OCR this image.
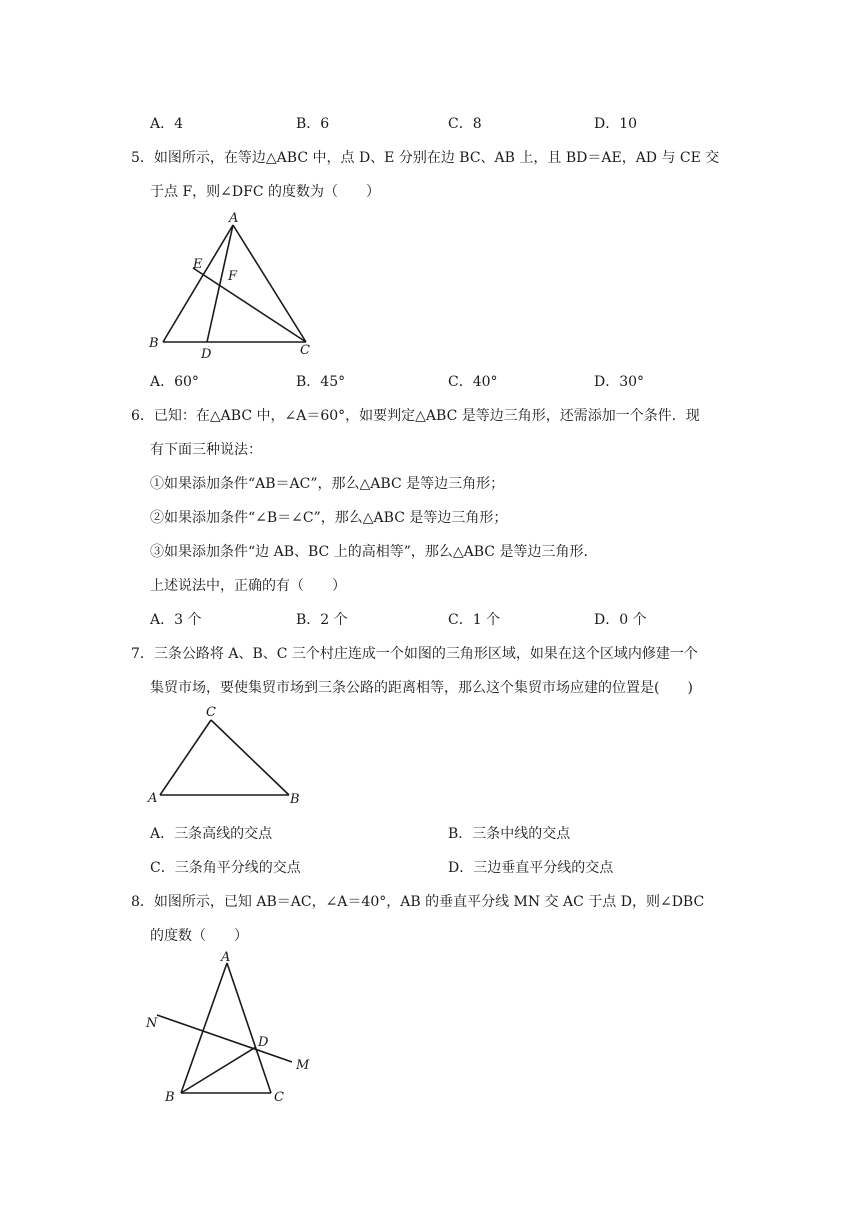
A．4	B．6	C．8	D．10
5．如图所示，在等边△ABC 中，点 D、E 分别在边 BC、AB 上，且 BD＝AE，AD 与 CE 交
于点 F，则∠DFC 的度数为（　　）
A
E
F
B
D	C
A．60°	B．45°	C．40°	D．30°
6．已知：在△ABC 中，∠A＝60°，如要判定△ABC 是等边三角形，还需添加一个条件．现
有下面三种说法：
①如果添加条件“AB＝AC”，那么△ABC 是等边三角形；
②如果添加条件“∠B＝∠C”，那么△ABC 是等边三角形；
③如果添加条件“边 AB、BC 上的高相等”，那么△ABC 是等边三角形．
上述说法中，正确的有（　　）
A．3 个	B．2 个	C．1 个	D．0 个
7．三条公路将 A、B、C 三个村庄连成一个如图的三角形区域，如果在这个区域内修建一个
集贸市场，要使集贸市场到三条公路的距离相等，那么这个集贸市场应建的位置是(　　)
C
A	B
A．三条高线的交点	B．三条中线的交点
C．三条角平分线的交点	D．三边垂直平分线的交点
8．如图所示，已知 AB＝AC，∠A＝40°，AB 的垂直平分线 MN 交 AC 于点 D，则∠DBC
的度数（　　）
A
N
D
M
B	C
